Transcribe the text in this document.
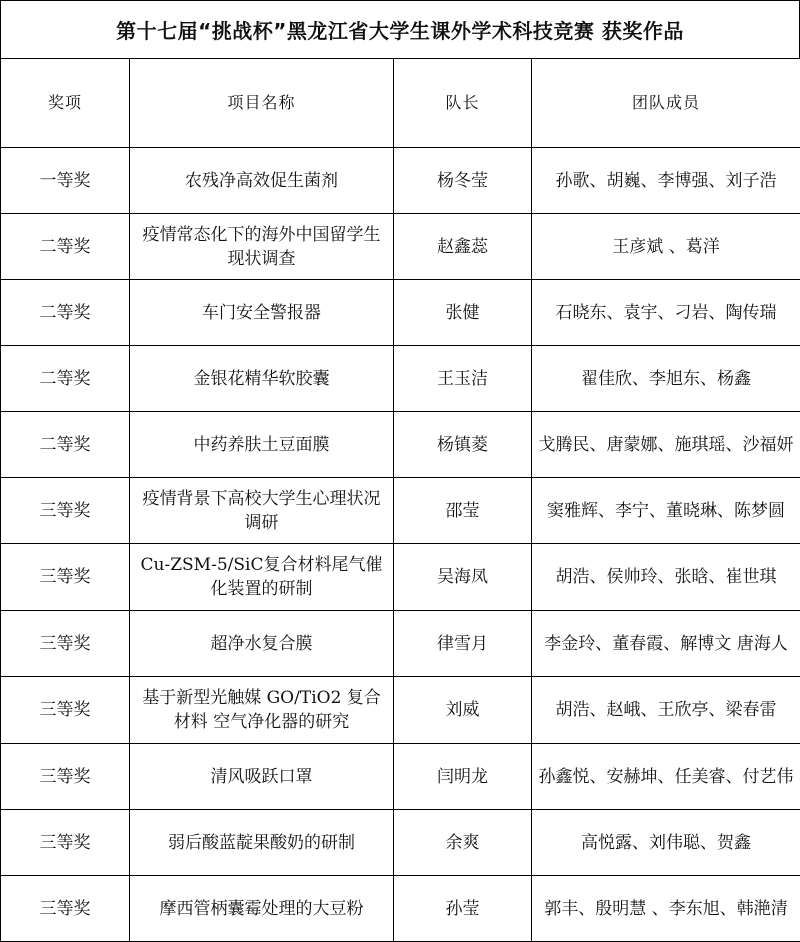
第十七届“挑战杯”黑龙江省大学生课外学术科技竞赛 获奖作品
奖项	项目名称	队长	团队成员
一等奖	农残净高效促生菌剂	杨冬莹	孙歌、胡巍、李博强、刘子浩
二等奖	疫情常态化下的海外中国留学生现状调查	赵鑫蕊	王彦斌 、葛洋
二等奖	车门安全警报器	张健	石晓东、袁宇、刁岩、陶传瑞
二等奖	金银花精华软胶囊	王玉洁	翟佳欣、李旭东、杨鑫
二等奖	中药养肤土豆面膜	杨镇菱	戈腾民、唐蒙娜、施琪瑶、沙福妍
三等奖	疫情背景下高校大学生心理状况调研	邵莹	窦雅辉、李宁、董晓琳、陈梦圆
三等奖	Cu-ZSM-5/SiC复合材料尾气催化装置的研制	吴海凤	胡浩、侯帅玲、张晗、崔世琪
三等奖	超净水复合膜	律雪月	李金玲、董春霞、解博文 唐海人
三等奖	基于新型光触媒 GO/TiO2 复合材料 空气净化器的研究	刘威	胡浩、赵峨、王欣亭、梁春雷
三等奖	清风吸跃口罩	闫明龙	孙鑫悦、安赫坤、任美睿、付艺伟
三等奖	弱后酸蓝靛果酸奶的研制	余爽	高悦露、刘伟聪、贺鑫
三等奖	摩西管柄囊霉处理的大豆粉	孙莹	郭丰、殷明慧 、李东旭、韩滟清
